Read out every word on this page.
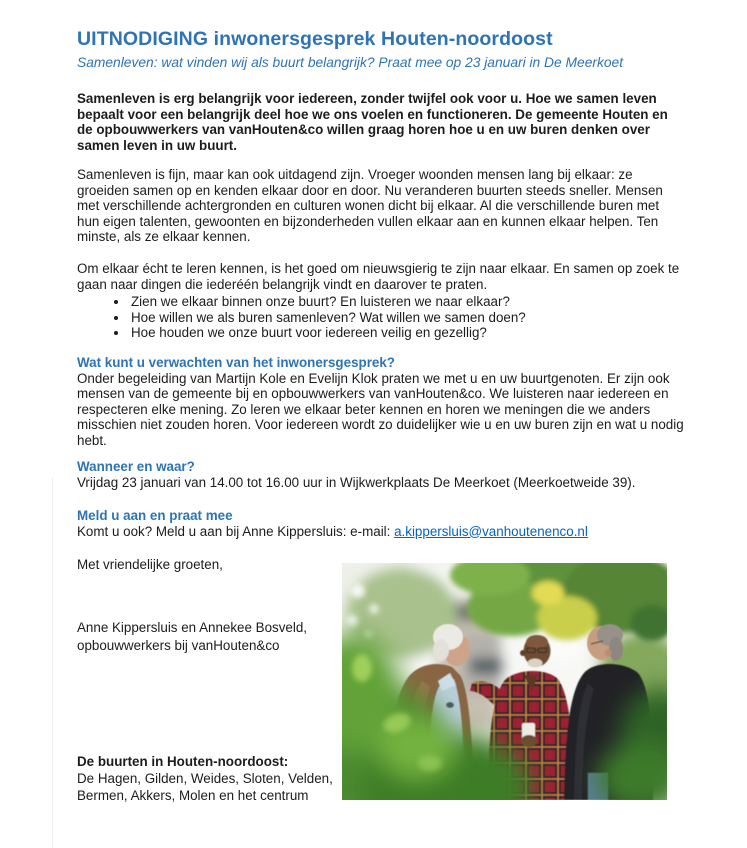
UITNODIGING inwonersgesprek Houten-noordoost
Samenleven: wat vinden wij als buurt belangrijk? Praat mee op 23 januari in De Meerkoet

Samenleven is erg belangrijk voor iedereen, zonder twijfel ook voor u. Hoe we samen leven bepaalt voor een belangrijk deel hoe we ons voelen en functioneren. De gemeente Houten en de opbouwwerkers van vanHouten&co willen graag horen hoe u en uw buren denken over samen leven in uw buurt.

Samenleven is fijn, maar kan ook uitdagend zijn. Vroeger woonden mensen lang bij elkaar: ze groeiden samen op en kenden elkaar door en door. Nu veranderen buurten steeds sneller. Mensen met verschillende achtergronden en culturen wonen dicht bij elkaar. Al die verschillende buren met hun eigen talenten, gewoonten en bijzonderheden vullen elkaar aan en kunnen elkaar helpen. Ten minste, als ze elkaar kennen.

Om elkaar écht te leren kennen, is het goed om nieuwsgierig te zijn naar elkaar. En samen op zoek te gaan naar dingen die iederéén belangrijk vindt en daarover te praten.

• Zien we elkaar binnen onze buurt? En luisteren we naar elkaar?
• Hoe willen we als buren samenleven? Wat willen we samen doen?
• Hoe houden we onze buurt voor iedereen veilig en gezellig?

Wat kunt u verwachten van het inwonersgesprek?

Onder begeleiding van Martijn Kole en Evelijn Klok praten we met u en uw buurtgenoten. Er zijn ook mensen van de gemeente bij en opbouwwerkers van vanHouten&co. We luisteren naar iedereen en respecteren elke mening. Zo leren we elkaar beter kennen en horen we meningen die we anders misschien niet zouden horen. Voor iedereen wordt zo duidelijker wie u en uw buren zijn en wat u nodig hebt.

Wanneer en waar?

Vrijdag 23 januari van 14.00 tot 16.00 uur in Wijkwerkplaats De Meerkoet (Meerkoetweide 39).

Meld u aan en praat mee

Komt u ook? Meld u aan bij Anne Kippersluis: e-mail: a.kippersluis@vanhoutenenco.nl

Met vriendelijke groeten,

Anne Kippersluis en Annekee Bosveld,
opbouwwerkers bij vanHouten&co
De buurten in Houten-noordoost:
De Hagen, Gilden, Weides, Sloten, Velden,
Bermen, Akkers, Molen en het centrum
